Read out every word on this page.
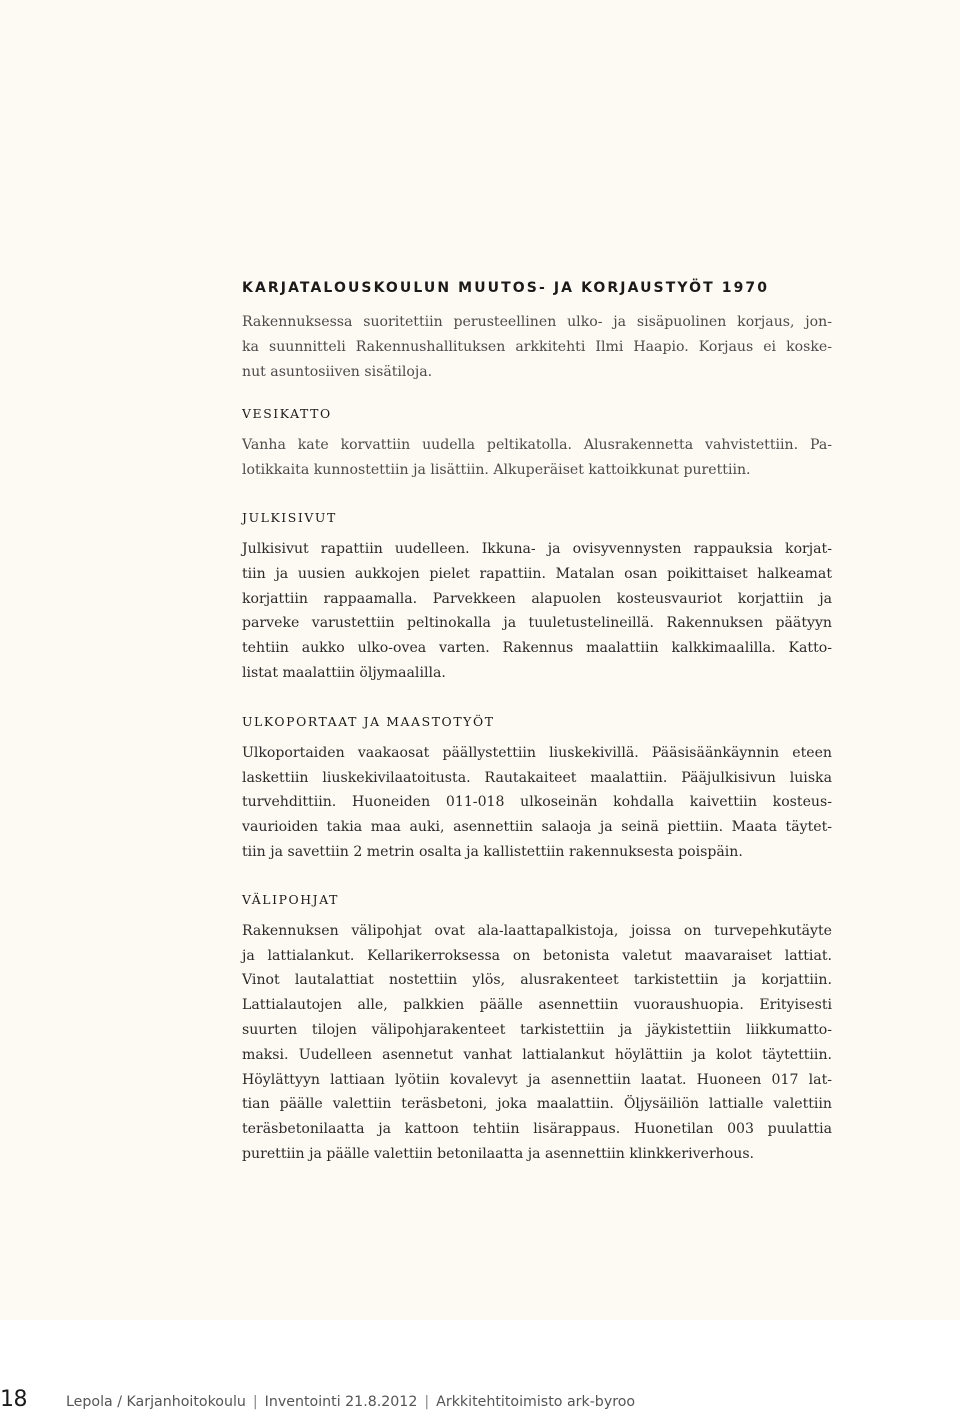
KARJATALOUSKOULUN MUUTOS- JA KORJAUSTYÖT 1970
Rakennuksessa suoritettiin perusteellinen ulko- ja sisäpuolinen korjaus, jon-
ka suunnitteli Rakennushallituksen arkkitehti Ilmi Haapio. Korjaus ei koske-
nut asuntosiiven sisätiloja.
VESIKATTO
Vanha kate korvattiin uudella peltikatolla. Alusrakennetta vahvistettiin. Pa-
lotikkaita kunnostettiin ja lisättiin. Alkuperäiset kattoikkunat purettiin.
JULKISIVUT
Julkisivut rapattiin uudelleen. Ikkuna- ja ovisyvennysten rappauksia korjat-
tiin ja uusien aukkojen pielet rapattiin. Matalan osan poikittaiset halkeamat
korjattiin rappaamalla. Parvekkeen alapuolen kosteusvauriot korjattiin ja
parveke varustettiin peltinokalla ja tuuletustelineillä. Rakennuksen päätyyn
tehtiin aukko ulko-ovea varten. Rakennus maalattiin kalkkimaalilla. Katto-
listat maalattiin öljymaalilla.
ULKOPORTAAT JA MAASTOTYÖT
Ulkoportaiden vaakaosat päällystettiin liuskekivillä. Pääsisäänkäynnin eteen
laskettiin liuskekivilaatoitusta. Rautakaiteet maalattiin. Pääjulkisivun luiska
turvehdittiin. Huoneiden 011-018 ulkoseinän kohdalla kaivettiin kosteus-
vaurioiden takia maa auki, asennettiin salaoja ja seinä piettiin. Maata täytet-
tiin ja savettiin 2 metrin osalta ja kallistettiin rakennuksesta poispäin.
VÄLIPOHJAT
Rakennuksen välipohjat ovat ala-laattapalkistoja, joissa on turvepehkutäyte
ja lattialankut. Kellarikerroksessa on betonista valetut maavaraiset lattiat.
Vinot lautalattiat nostettiin ylös, alusrakenteet tarkistettiin ja korjattiin.
Lattialautojen alle, palkkien päälle asennettiin vuoraushuopia. Erityisesti
suurten tilojen välipohjarakenteet tarkistettiin ja jäykistettiin liikkumatto-
maksi. Uudelleen asennetut vanhat lattialankut höylättiin ja kolot täytettiin.
Höylättyyn lattiaan lyötiin kovalevyt ja asennettiin laatat. Huoneen 017 lat-
tian päälle valettiin teräsbetoni, joka maalattiin. Öljysäiliön lattialle valettiin
teräsbetonilaatta ja kattoon tehtiin lisärappaus. Huonetilan 003 puulattia
purettiin ja päälle valettiin betonilaatta ja asennettiin klinkkeriverhous.
18	Lepola / Karjanhoitokoulu | Inventointi 21.8.2012 | Arkkitehtitoimisto ark-byroo
